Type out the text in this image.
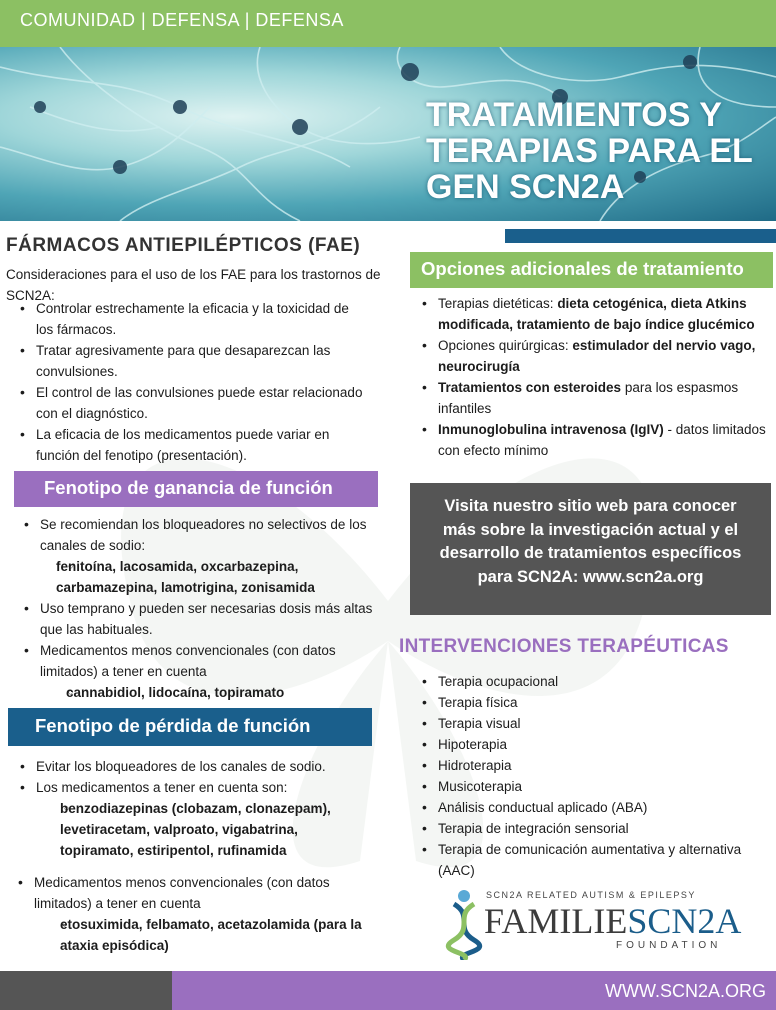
COMUNIDAD | DEFENSA | DEFENSA
TRATAMIENTOS Y TERAPIAS PARA EL GEN SCN2A
FÁRMACOS ANTIEPILÉPTICOS (FAE)
Consideraciones para el uso de los FAE para los trastornos de SCN2A:
• Controlar estrechamente la eficacia y la toxicidad de los fármacos.
• Tratar agresivamente para que desaparezcan las convulsiones.
• El control de las convulsiones puede estar relacionado con el diagnóstico.
• La eficacia de los medicamentos puede variar en función del fenotipo (presentación).
Fenotipo de ganancia de función
• Se recomiendan los bloqueadores no selectivos de los canales de sodio:
○ fenitoína, lacosamida, oxcarbazepina, carbamazepina, lamotrigina, zonisamida
• Uso temprano y pueden ser necesarias dosis más altas que las habituales.
• Medicamentos menos convencionales (con datos limitados) a tener en cuenta
○ cannabidiol, lidocaína, topiramato
Fenotipo de pérdida de función
• Evitar los bloqueadores de los canales de sodio.
• Los medicamentos a tener en cuenta son:
○ benzodiazepinas (clobazam, clonazepam), levetiracetam, valproato, vigabatrina, topiramato, estiripentol, rufinamida
• Medicamentos menos convencionales (con datos limitados) a tener en cuenta
○ etosuximida, felbamato, acetazolamida (para la ataxia episódica)
Opciones adicionales de tratamiento
• Terapias dietéticas: dieta cetogénica, dieta Atkins modificada, tratamiento de bajo índice glucémico
• Opciones quirúrgicas: estimulador del nervio vago, neurocirugía
• Tratamientos con esteroides para los espasmos infantiles
• Inmunoglobulina intravenosa (IgIV) - datos limitados con efecto mínimo
Visita nuestro sitio web para conocer más sobre la investigación actual y el desarrollo de tratamientos específicos para SCN2A: www.scn2a.org
INTERVENCIONES TERAPÉUTICAS
• Terapia ocupacional
• Terapia física
• Terapia visual
• Hipoterapia
• Hidroterapia
• Musicoterapia
• Análisis conductual aplicado (ABA)
• Terapia de integración sensorial
• Terapia de comunicación aumentativa y alternativa (AAC)
SCN2A RELATED AUTISM & EPILEPSY
FAMILIESCN2A
FOUNDATION
WWW.SCN2A.ORG
